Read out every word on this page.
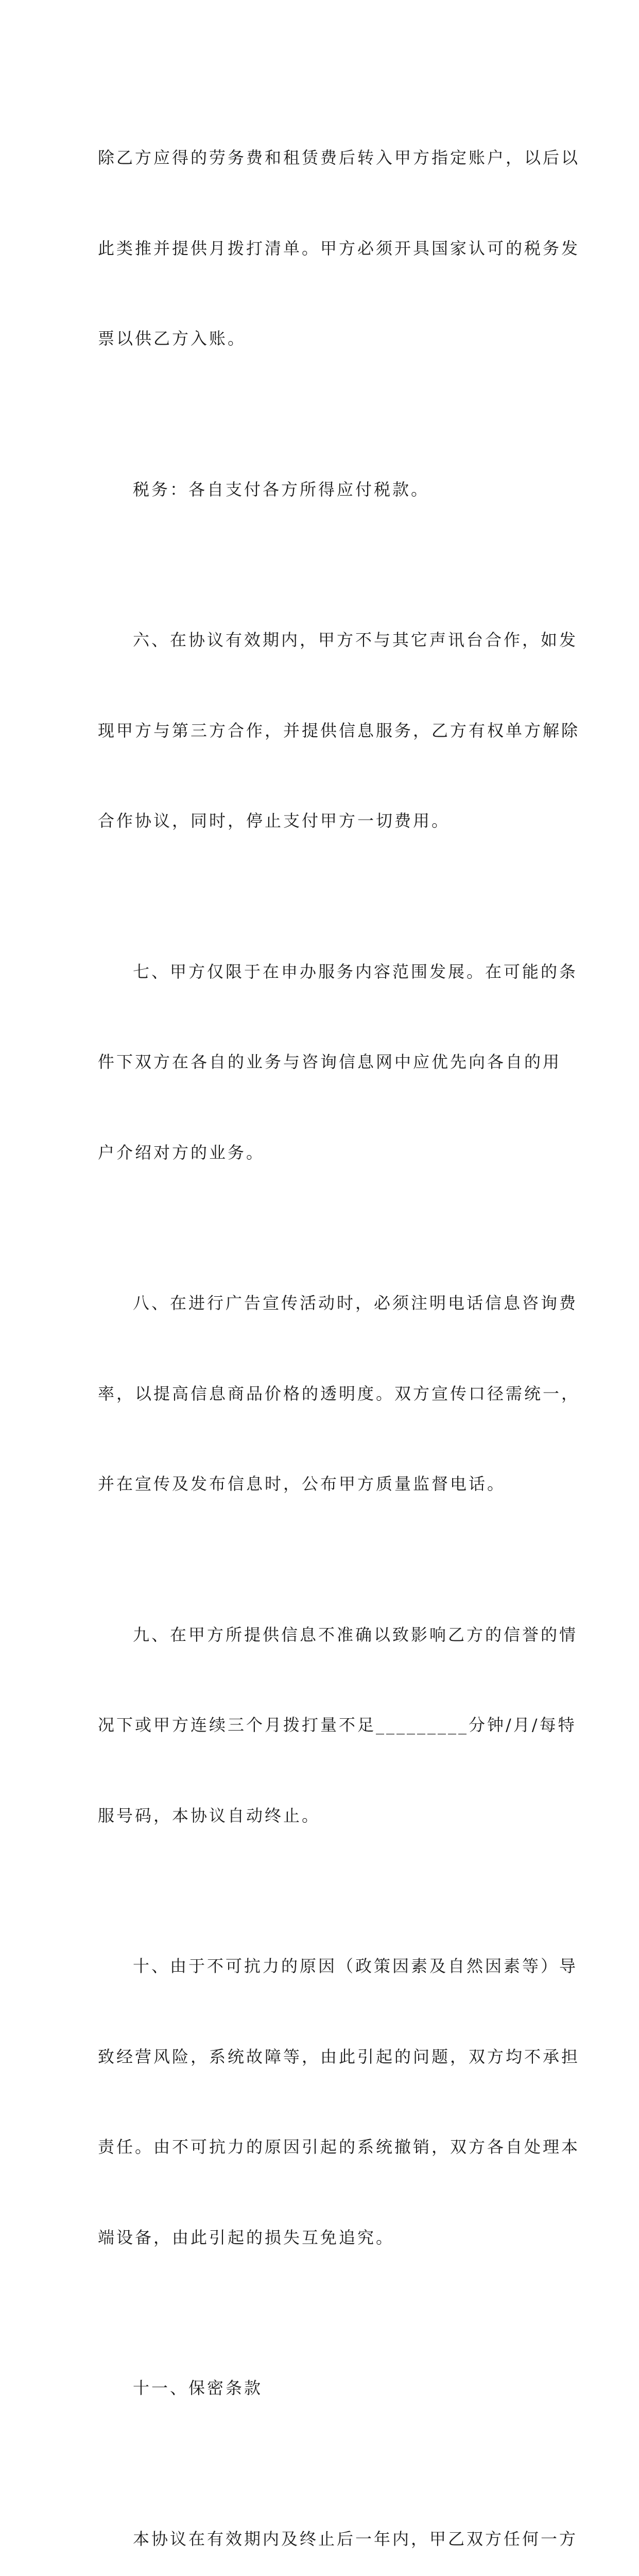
除乙方应得的劳务费和租赁费后转入甲方指定账户，以后以

此类推并提供月拨打清单。甲方必须开具国家认可的税务发

票以供乙方入账。

税务：各自支付各方所得应付税款。

六、在协议有效期内，甲方不与其它声讯台合作，如发

现甲方与第三方合作，并提供信息服务，乙方有权单方解除

合作协议，同时，停止支付甲方一切费用。

七、甲方仅限于在申办服务内容范围发展。在可能的条

件下双方在各自的业务与咨询信息网中应优先向各自的用

户介绍对方的业务。

八、在进行广告宣传活动时，必须注明电话信息咨询费

率，以提高信息商品价格的透明度。双方宣传口径需统一，

并在宣传及发布信息时，公布甲方质量监督电话。

九、在甲方所提供信息不准确以致影响乙方的信誉的情

况下或甲方连续三个月拨打量不足_________分钟/月/每特

服号码，本协议自动终止。

十、由于不可抗力的原因（政策因素及自然因素等）导

致经营风险，系统故障等，由此引起的问题，双方均不承担

责任。由不可抗力的原因引起的系统撤销，双方各自处理本

端设备，由此引起的损失互免追究。

十一、保密条款

本协议在有效期内及终止后一年内，甲乙双方任何一方
